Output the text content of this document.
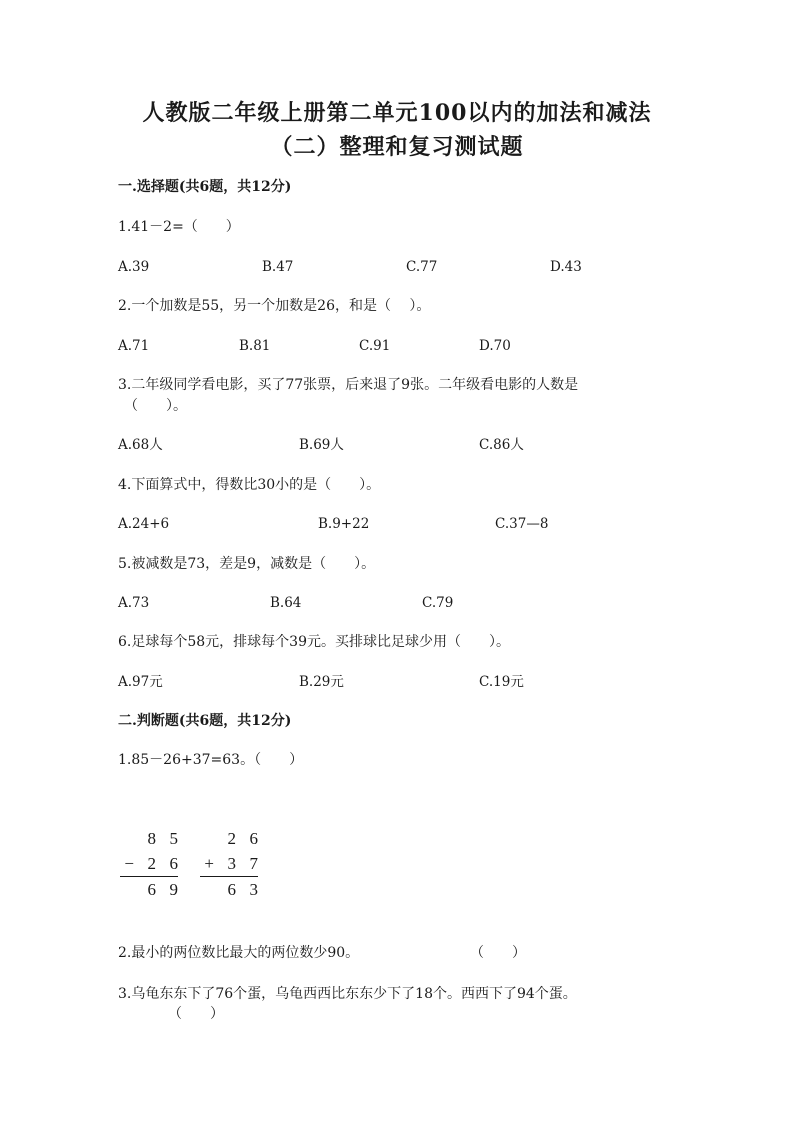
人教版二年级上册第二单元100以内的加法和减法
（二）整理和复习测试题
一.选择题(共6题，共12分)
1.41－2=（　　）
A.39	B.47	C.77	D.43
2.一个加数是55，另一个加数是26，和是（　 ）。
A.71	B.81	C.91	D.70
3.二年级同学看电影，买了77张票，后来退了9张。二年级看电影的人数是
（　　）。
A.68人	B.69人	C.86人
4.下面算式中，得数比30小的是（　　）。
A.24+6	B.9+22	C.37—8
5.被减数是73，差是9，减数是（　　）。
A.73	B.64	C.79
6.足球每个58元，排球每个39元。买排球比足球少用（　　）。
A.97元	B.29元	C.19元
二.判断题(共6题，共12分)
1.85－26+37=63。（　　）
8 5
− 2 6
6 9
2 6
+ 3 7
6 3
2.最小的两位数比最大的两位数少90。	（　　）
3.乌龟东东下了76个蛋，乌龟西西比东东少下了18个。西西下了94个蛋。
（　　）
